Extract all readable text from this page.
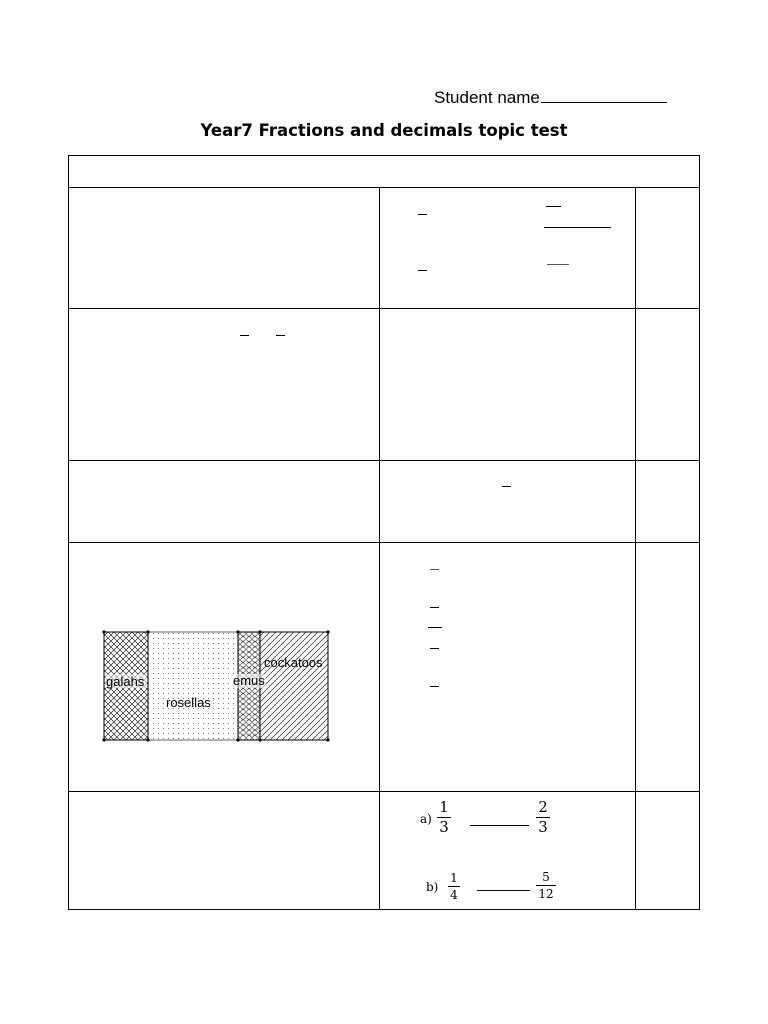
Student name
Year7 Fractions and decimals topic test
galahs
rosellas
emus
cockatoos
a)
1
3
2
3
b)
1
4
5
12
